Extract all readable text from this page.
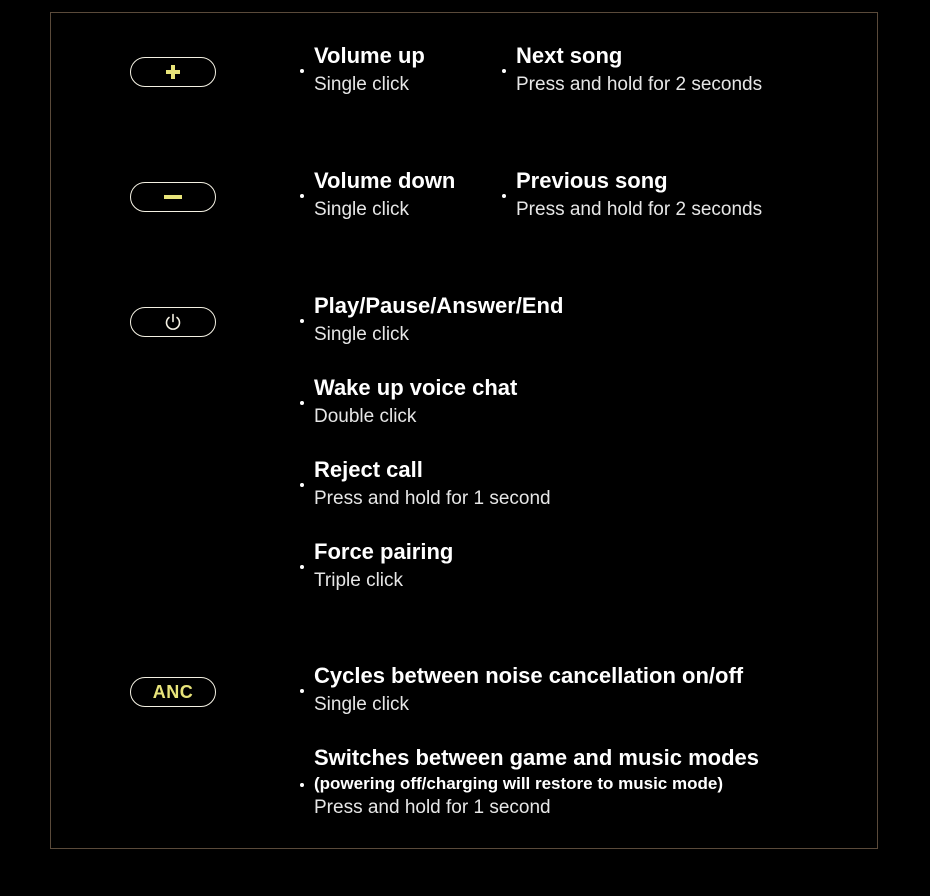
ANC
Volume up
Single click
Next song
Press and hold for 2 seconds
Volume down
Single click
Previous song
Press and hold for 2 seconds
Play/Pause/Answer/End
Single click
Wake up voice chat
Double click
Reject call
Press and hold for 1 second
Force pairing
Triple click
Cycles between noise cancellation on/off
Single click
Switches between game and music modes
(powering off/charging will restore to music mode)
Press and hold for 1 second
